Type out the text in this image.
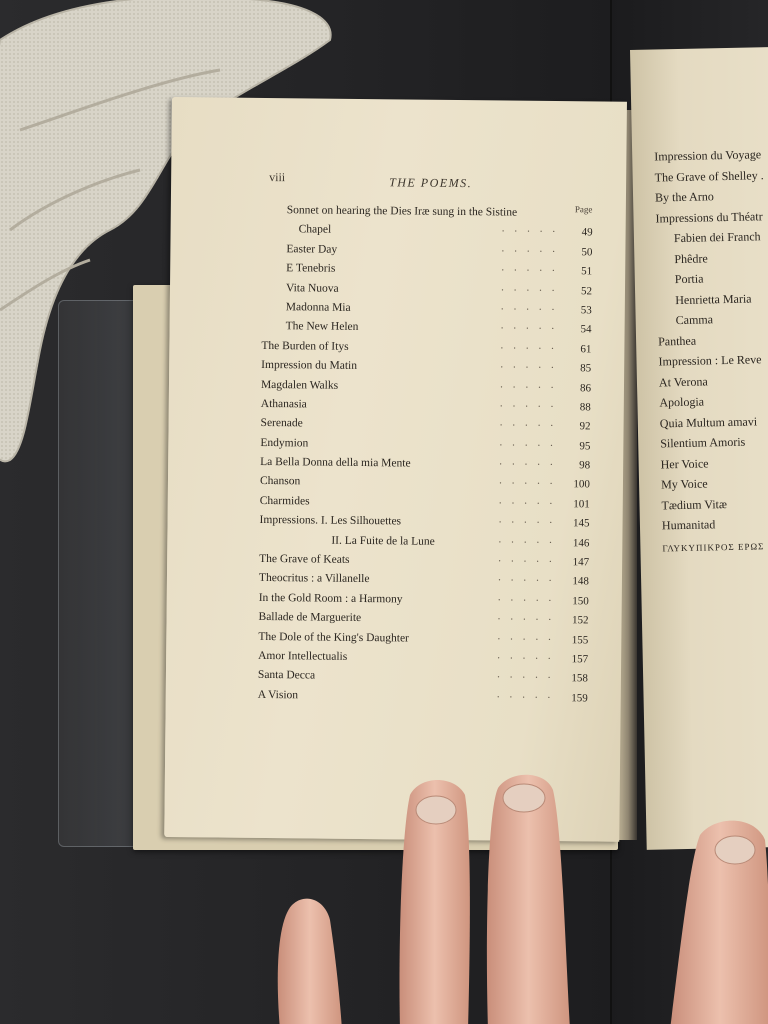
Impression du Voyage
The Grave of Shelley .
By the Arno
Impressions du Théatr
Fabien dei Franch
Phêdre
Portia
Henrietta Maria
Camma
Panthea
Impression : Le Reve
At Verona
Apologia
Quia Multum amavi
Silentium Amoris
Her Voice
My Voice
Tædium Vitæ
Humanitad
ΓΛΥΚΥΠΙΚΡΟΣ ΕΡΩΣ
viii	THE POEMS.
Page
Sonnet on hearing the Dies Iræ sung in the Sistine
Chapel	····· 49
Easter Day	····· 50
E Tenebris	····· 51
Vita Nuova	····· 52
Madonna Mia	····· 53
The New Helen	····· 54
The Burden of Itys	····· 61
Impression du Matin	····· 85
Magdalen Walks	····· 86
Athanasia	····· 88
Serenade	····· 92
Endymion	····· 95
La Bella Donna della mia Mente	····· 98
Chanson	····· 100
Charmides	····· 101
Impressions. I. Les Silhouettes	····· 145
II. La Fuite de la Lune	····· 146
The Grave of Keats	····· 147
Theocritus : a Villanelle	····· 148
In the Gold Room : a Harmony	····· 150
Ballade de Marguerite	····· 152
The Dole of the King's Daughter	····· 155
Amor Intellectualis	····· 157
Santa Decca	····· 158
A Vision	····· 159
